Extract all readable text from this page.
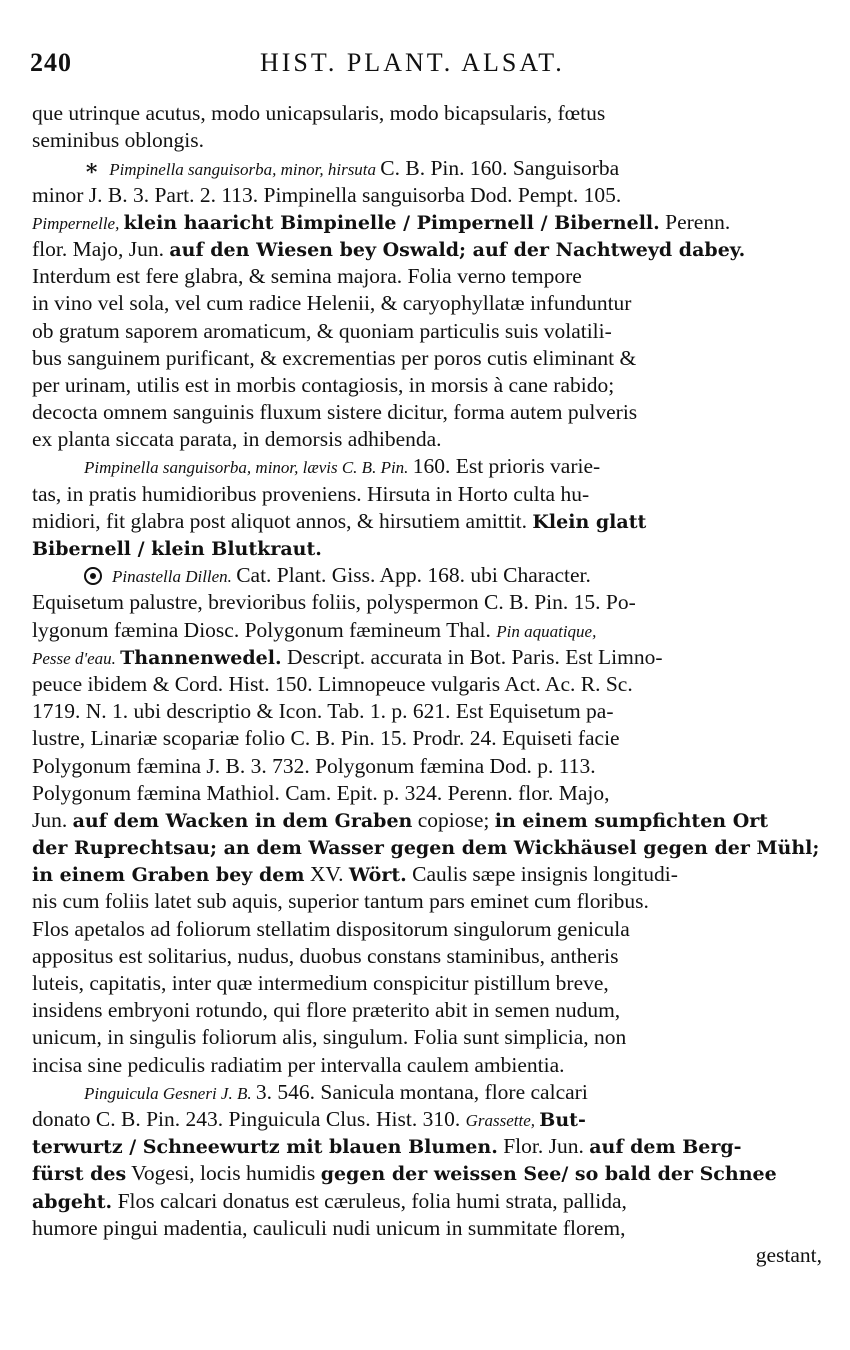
240	HIST. PLANT. ALSAT.
que utrinque acutus, modo unicapsularis, modo bicapsularis, fœtus
seminibus oblongis.
∗ Pimpinella sanguisorba, minor, hirsuta C. B. Pin. 160. Sanguisorba
minor J. B. 3. Part. 2. 113. Pimpinella sanguisorba Dod. Pempt. 105.
Pimpernelle, klein haaricht Bimpinelle / Pimpernell / Bibernell. Perenn.
flor. Majo, Jun. auf den Wiesen bey Oswald; auf der Nachtweyd dabey.
Interdum est fere glabra, & semina majora. Folia verno tempore
in vino vel sola, vel cum radice Helenii, & caryophyllatæ infunduntur
ob gratum saporem aromaticum, & quoniam particulis suis volatili-
bus sanguinem purificant, & excrementias per poros cutis eliminant &
per urinam, utilis est in morbis contagiosis, in morsis à cane rabido;
decocta omnem sanguinis fluxum sistere dicitur, forma autem pulveris
ex planta siccata parata, in demorsis adhibenda.
Pimpinella sanguisorba, minor, lævis C. B. Pin. 160. Est prioris varie-
tas, in pratis humidioribus proveniens. Hirsuta in Horto culta hu-
midiori, fit glabra post aliquot annos, & hirsutiem amittit. Klein glatt
Bibernell / klein Blutkraut.
Pinastella Dillen. Cat. Plant. Giss. App. 168. ubi Character.
Equisetum palustre, brevioribus foliis, polyspermon C. B. Pin. 15. Po-
lygonum fæmina Diosc. Polygonum fæmineum Thal. Pin aquatique,
Pesse d'eau. Thannenwedel. Descript. accurata in Bot. Paris. Est Limno-
peuce ibidem & Cord. Hist. 150. Limnopeuce vulgaris Act. Ac. R. Sc.
1719. N. 1. ubi descriptio & Icon. Tab. 1. p. 621. Est Equisetum pa-
lustre, Linariæ scopariæ folio C. B. Pin. 15. Prodr. 24. Equiseti facie
Polygonum fæmina J. B. 3. 732. Polygonum fæmina Dod. p. 113.
Polygonum fæmina Mathiol. Cam. Epit. p. 324. Perenn. flor. Majo,
Jun. auf dem Wacken in dem Graben copiose; in einem sumpfichten Ort
der Ruprechtsau; an dem Wasser gegen dem Wickhäusel gegen der Mühl;
in einem Graben bey dem XV. Wört. Caulis sæpe insignis longitudi-
nis cum foliis latet sub aquis, superior tantum pars eminet cum floribus.
Flos apetalos ad foliorum stellatim dispositorum singulorum genicula
appositus est solitarius, nudus, duobus constans staminibus, antheris
luteis, capitatis, inter quæ intermedium conspicitur pistillum breve,
insidens embryoni rotundo, qui flore præterito abit in semen nudum,
unicum, in singulis foliorum alis, singulum. Folia sunt simplicia, non
incisa sine pediculis radiatim per intervalla caulem ambientia.
Pinguicula Gesneri J. B. 3. 546. Sanicula montana, flore calcari
donato C. B. Pin. 243. Pinguicula Clus. Hist. 310. Grassette, But-
terwurtz / Schneewurtz mit blauen Blumen. Flor. Jun. auf dem Berg-
fürst des Vogesi, locis humidis gegen der weissen See/ so bald der Schnee
abgeht. Flos calcari donatus est cæruleus, folia humi strata, pallida,
humore pingui madentia, cauliculi nudi unicum in summitate florem,
gestant,
